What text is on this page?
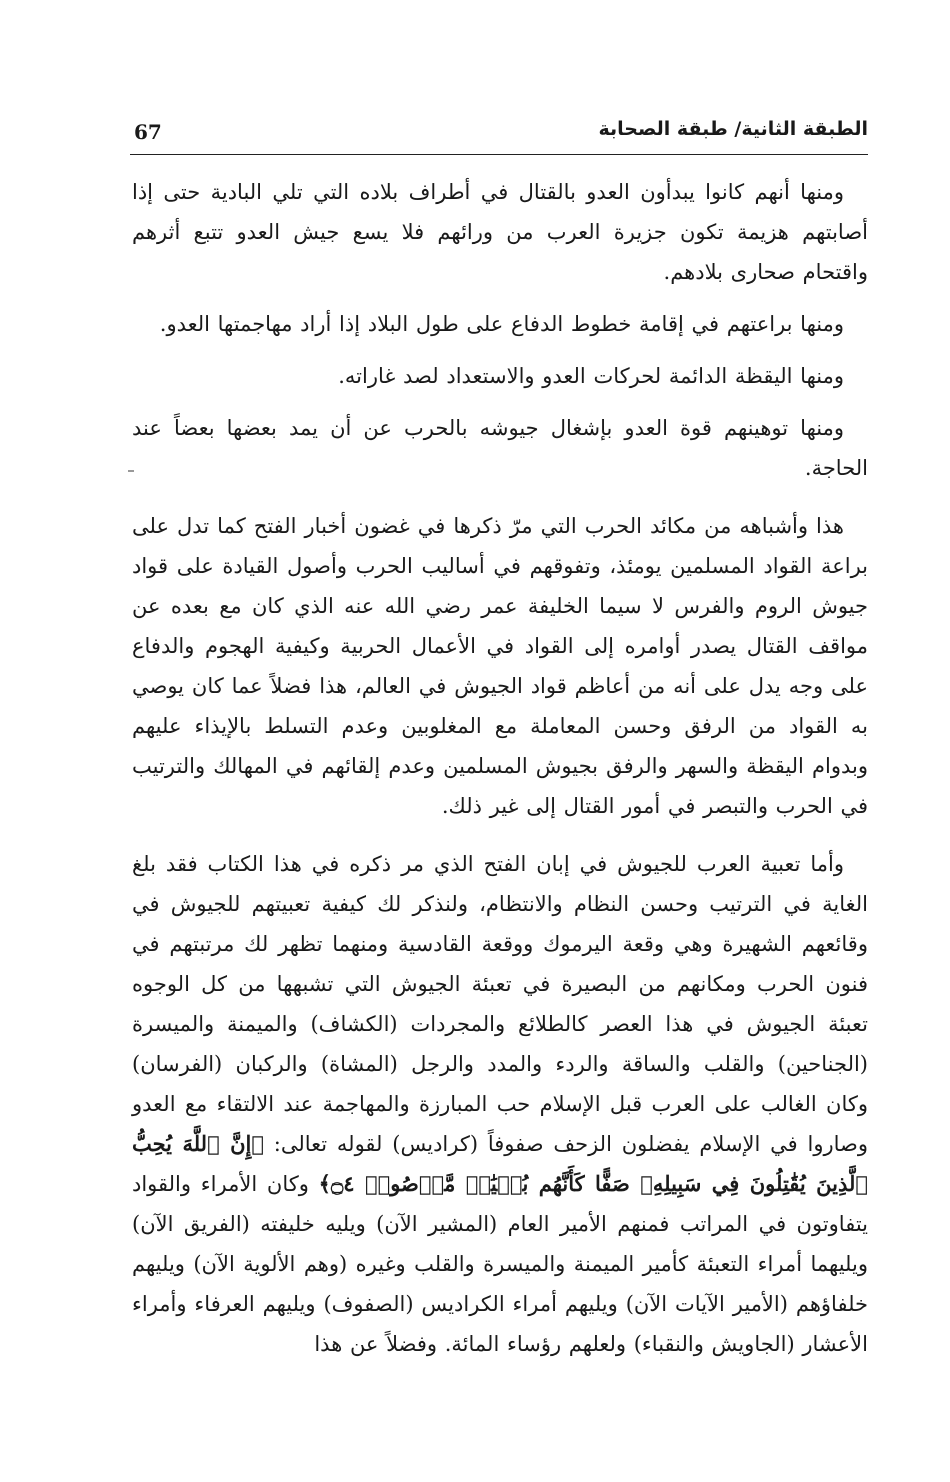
الطبقة الثانية/ طبقة الصحابة
67

ومنها أنهم كانوا يبدأون العدو بالقتال في أطراف بلاده التي تلي البادية حتى إذا أصابتهم هزيمة تكون جزيرة العرب من ورائهم فلا يسع جيش العدو تتبع أثرهم واقتحام صحارى بلادهم.

ومنها براعتهم في إقامة خطوط الدفاع على طول البلاد إذا أراد مهاجمتها العدو.

ومنها اليقظة الدائمة لحركات العدو والاستعداد لصد غاراته.

ومنها توهينهم قوة العدو بإشغال جيوشه بالحرب عن أن يمد بعضها بعضاً عند الحاجة.

هذا وأشباهه من مكائد الحرب التي مرّ ذكرها في غضون أخبار الفتح كما تدل على براعة القواد المسلمين يومئذ، وتفوقهم في أساليب الحرب وأصول القيادة على قواد جيوش الروم والفرس لا سيما الخليفة عمر رضي الله عنه الذي كان مع بعده عن مواقف القتال يصدر أوامره إلى القواد في الأعمال الحربية وكيفية الهجوم والدفاع على وجه يدل على أنه من أعاظم قواد الجيوش في العالم، هذا فضلاً عما كان يوصي به القواد من الرفق وحسن المعاملة مع المغلوبين وعدم التسلط بالإيذاء عليهم وبدوام اليقظة والسهر والرفق بجيوش المسلمين وعدم إلقائهم في المهالك والترتيب في الحرب والتبصر في أمور القتال إلى غير ذلك.

وأما تعبية العرب للجيوش في إبان الفتح الذي مر ذكره في هذا الكتاب فقد بلغ الغاية في الترتيب وحسن النظام والانتظام، ولنذكر لك كيفية تعبيتهم للجيوش في وقائعهم الشهيرة وهي وقعة اليرموك ووقعة القادسية ومنهما تظهر لك مرتبتهم في فنون الحرب ومكانهم من البصيرة في تعبئة الجيوش التي تشبهها من كل الوجوه تعبئة الجيوش في هذا العصر كالطلائع والمجردات (الكشاف) والميمنة والميسرة (الجناحين) والقلب والساقة والردء والمدد والرجل (المشاة) والركبان (الفرسان) وكان الغالب على العرب قبل الإسلام حب المبارزة والمهاجمة عند الالتقاء مع العدو وصاروا في الإسلام يفضلون الزحف صفوفاً (كراديس) لقوله تعالى: ﴿إِنَّ ٱللَّهَ يُحِبُّ ٱلَّذِينَ يُقَٰتِلُونَ فِي سَبِيلِهِۦ صَفًّا كَأَنَّهُم بُنۡيَٰنٞ مَّرۡصُوصٞ ۝٤﴾ وكان الأمراء والقواد يتفاوتون في المراتب فمنهم الأمير العام (المشير الآن) ويليه خليفته (الفريق الآن) ويليهما أمراء التعبئة كأمير الميمنة والميسرة والقلب وغيره (وهم الألوية الآن) ويليهم خلفاؤهم (الأمير الآيات الآن) ويليهم أمراء الكراديس (الصفوف) ويليهم العرفاء وأمراء الأعشار (الجاويش والنقباء) ولعلهم رؤساء المائة. وفضلاً عن هذا
